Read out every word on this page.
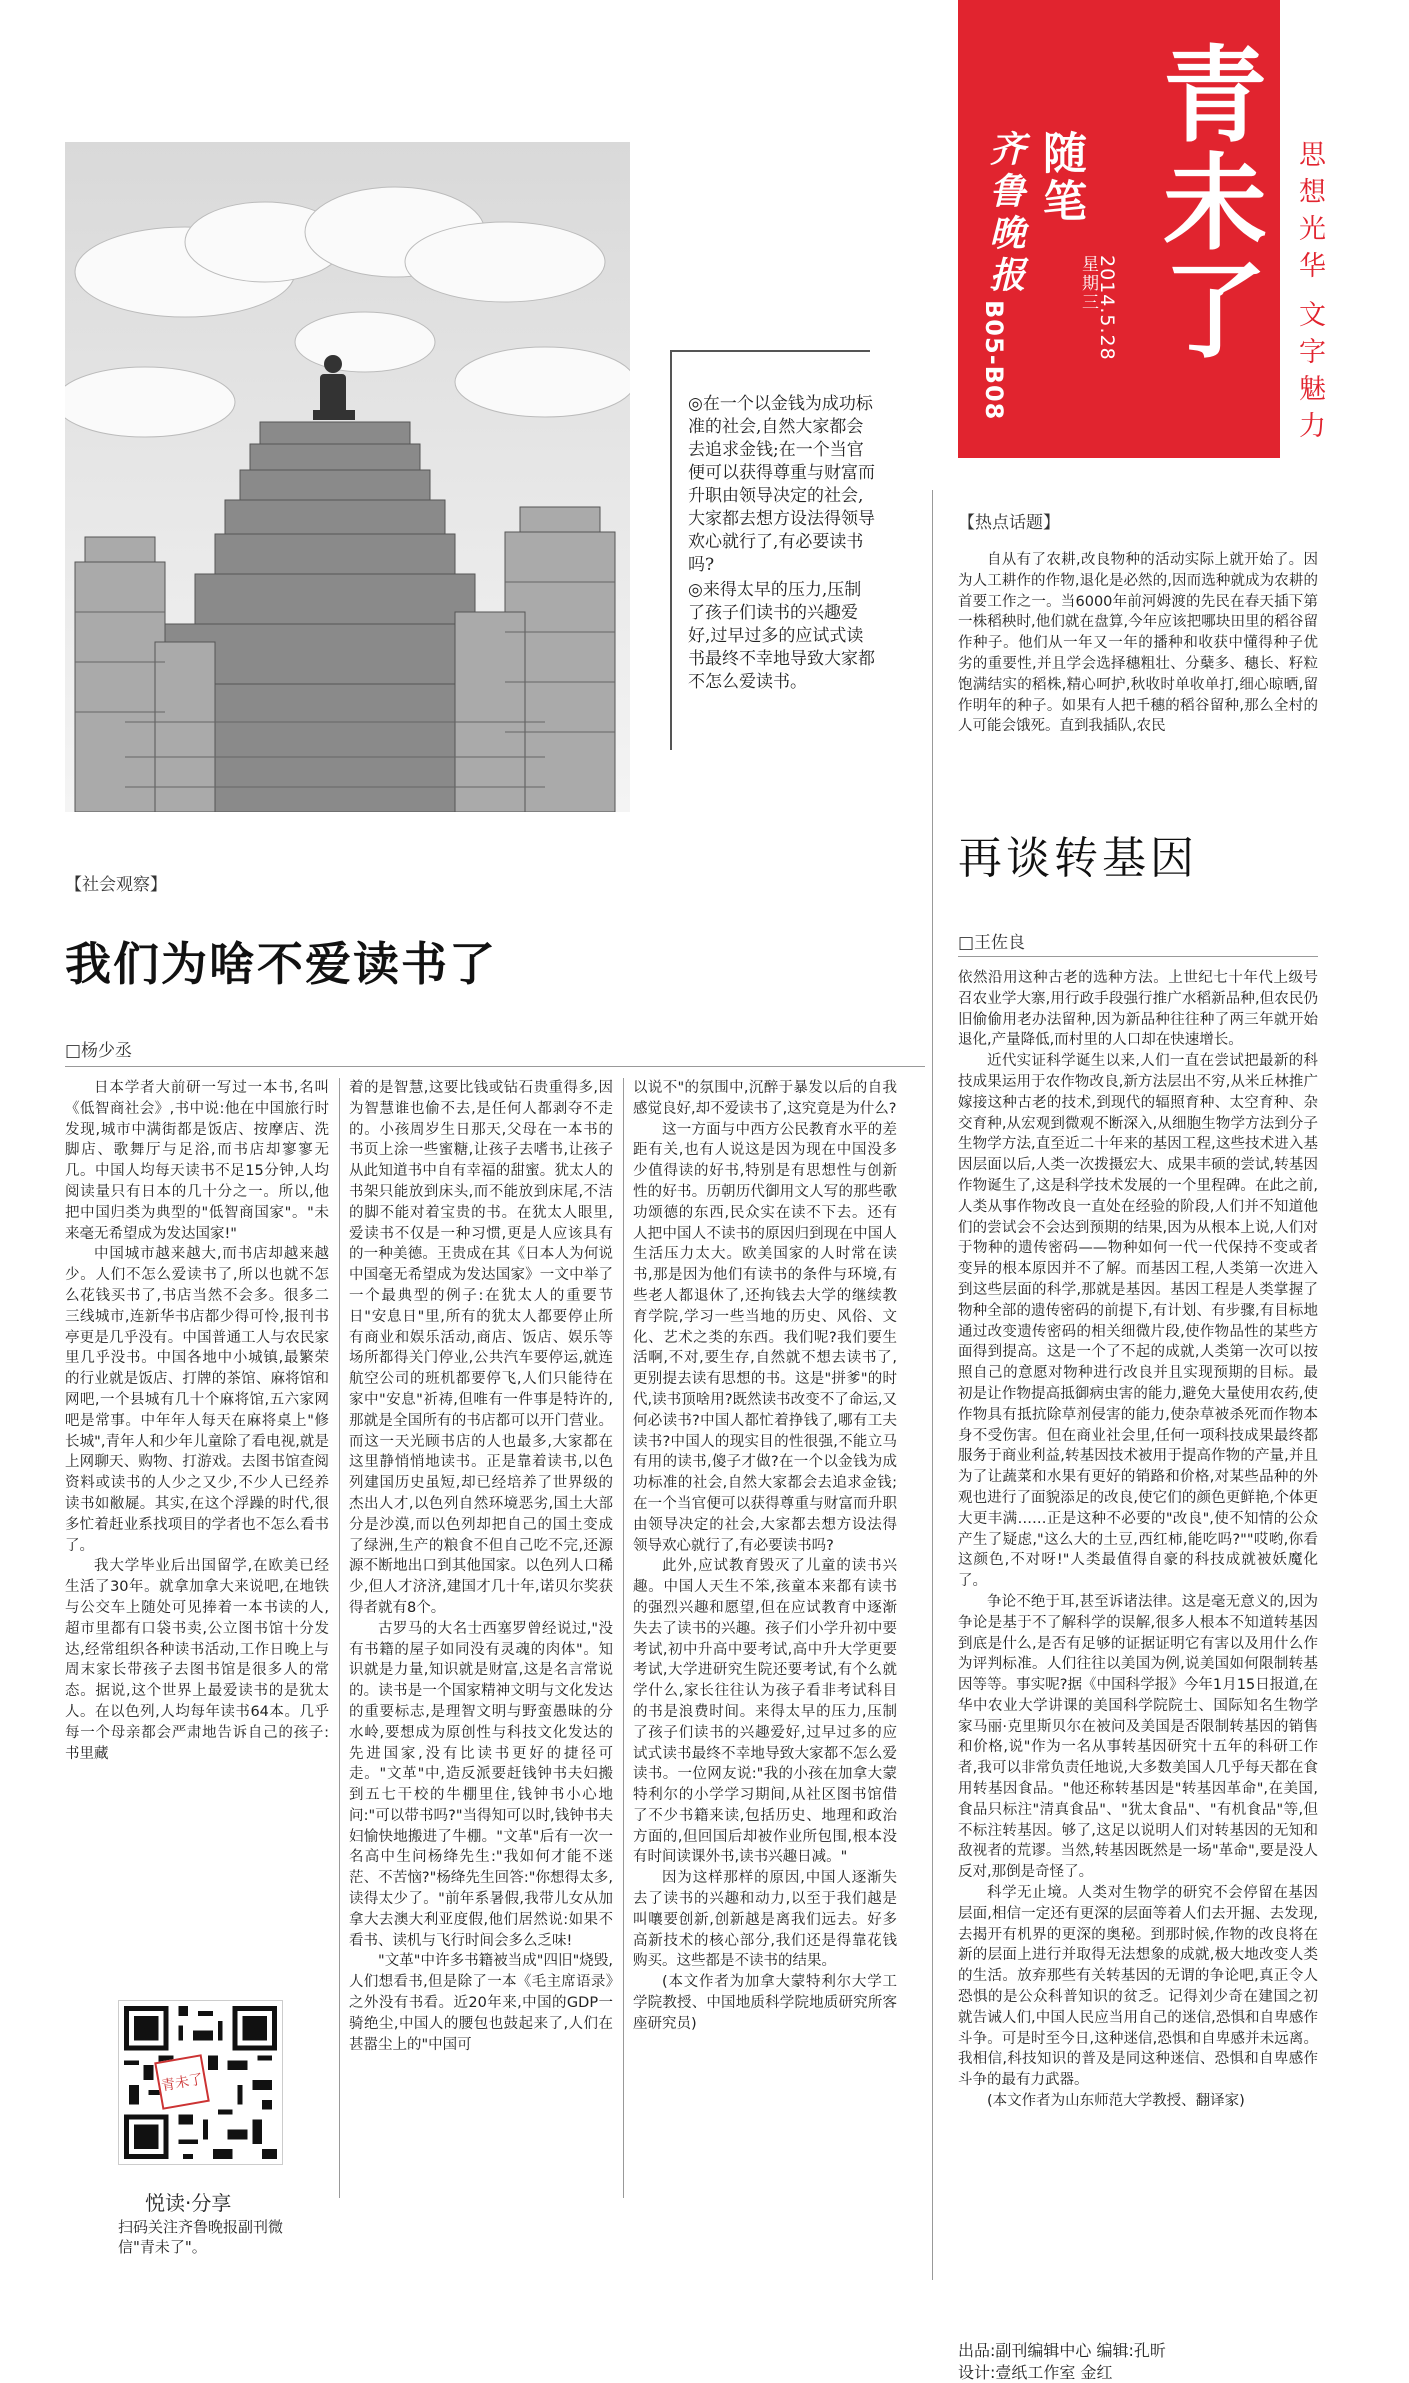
青未了
齐鲁晚报 随笔
B05-B08
星期三
2014.5.28
思想光华
文字魅力

◎在一个以金钱为成功标准的社会,自然大家都会去追求金钱;在一个当官便可以获得尊重与财富而升职由领导决定的社会,大家都去想方设法得领导欢心就行了,有必要读书吗?

◎来得太早的压力,压制了孩子们读书的兴趣爱好,过早过多的应试式读书最终不幸地导致大家都不怎么爱读书。

【社会观察】
我们为啥不爱读书了
□杨少丞

日本学者大前研一写过一本书,名叫《低智商社会》,书中说:他在中国旅行时发现,城市中满街都是饭店、按摩店、洗脚店、歌舞厅与足浴,而书店却寥寥无几。中国人均每天读书不足15分钟,人均阅读量只有日本的几十分之一。所以,他把中国归类为典型的"低智商国家"。"未来毫无希望成为发达国家!"

中国城市越来越大,而书店却越来越少。人们不怎么爱读书了,所以也就不怎么花钱买书了,书店当然不会多。很多二三线城市,连新华书店都少得可怜,报刊书亭更是几乎没有。中国普通工人与农民家里几乎没书。中国各地中小城镇,最繁荣的行业就是饭店、打牌的茶馆、麻将馆和网吧,一个县城有几十个麻将馆,五六家网吧是常事。中年年人每天在麻将桌上"修长城",青年人和少年儿童除了看电视,就是上网聊天、购物、打游戏。去图书馆查阅资料或读书的人少之又少,不少人已经养读书如敝屣。其实,在这个浮躁的时代,很多忙着赶业系找项目的学者也不怎么看书了。

我大学毕业后出国留学,在欧美已经生活了30年。就拿加拿大来说吧,在地铁与公交车上随处可见捧着一本书读的人,超市里都有口袋书卖,公立图书馆十分发达,经常组织各种读书活动,工作日晚上与周末家长带孩子去图书馆是很多人的常态。据说,这个世界上最爱读书的是犹太人。在以色列,人均每年读书64本。几乎每一个母亲都会严肃地告诉自己的孩子:书里藏

着的是智慧,这要比钱或钻石贵重得多,因为智慧谁也偷不去,是任何人都剥夺不走的。小孩周岁生日那天,父母在一本书的书页上涂一些蜜糖,让孩子去嗜书,让孩子从此知道书中自有幸福的甜蜜。犹太人的书架只能放到床头,而不能放到床尾,不洁的脚不能对着宝贵的书。在犹太人眼里,爱读书不仅是一种习惯,更是人应该具有的一种美德。王贵成在其《日本人为何说中国毫无希望成为发达国家》一文中举了一个最典型的例子:在犹太人的重要节日"安息日"里,所有的犹太人都要停止所有商业和娱乐活动,商店、饭店、娱乐等场所都得关门停业,公共汽车要停运,就连航空公司的班机都要停飞,人们只能待在家中"安息"祈祷,但唯有一件事是特许的,那就是全国所有的书店都可以开门营业。而这一天光顾书店的人也最多,大家都在这里静悄悄地读书。正是靠着读书,以色列建国历史虽短,却已经培养了世界级的杰出人才,以色列自然环境恶劣,国土大部分是沙漠,而以色列却把自己的国土变成了绿洲,生产的粮食不但自己吃不完,还源源不断地出口到其他国家。以色列人口稀少,但人才济济,建国才几十年,诺贝尔奖获得者就有8个。

古罗马的大名士西塞罗曾经说过,"没有书籍的屋子如同没有灵魂的肉体"。知识就是力量,知识就是财富,这是名言常说的。读书是一个国家精神文明与文化发达的重要标志,是理智文明与野蛮愚昧的分水岭,要想成为原创性与科技文化发达的先进国家,没有比读书更好的捷径可走。"文革"中,造反派要赶钱钟书夫妇搬到五七干校的牛棚里住,钱钟书小心地问:"可以带书吗?"当得知可以时,钱钟书夫妇愉快地搬进了牛棚。"文革"后有一次一名高中生问杨绛先生:"我如何才能不迷茫、不苦恼?"杨绛先生回答:"你想得太多,读得太少了。"前年系暑假,我带儿女从加拿大去澳大利亚度假,他们居然说:如果不看书、读机与飞行时间会多么乏味!

"文革"中许多书籍被当成"四旧"烧毁,人们想看书,但是除了一本《毛主席语录》之外没有书看。近20年来,中国的GDP一骑绝尘,中国人的腰包也鼓起来了,人们在甚嚣尘上的"中国可

以说不"的氛围中,沉醉于暴发以后的自我感觉良好,却不爱读书了,这究竟是为什么?

这一方面与中西方公民教育水平的差距有关,也有人说这是因为现在中国没多少值得读的好书,特别是有思想性与创新性的好书。历朝历代御用文人写的那些歌功颂德的东西,民众实在读不下去。还有人把中国人不读书的原因归到现在中国人生活压力太大。欧美国家的人时常在读书,那是因为他们有读书的条件与环境,有些老人都退休了,还拘钱去大学的继续教育学院,学习一些当地的历史、风俗、文化、艺术之类的东西。我们呢?我们要生活啊,不对,要生存,自然就不想去读书了,更别提去读有思想的书。这是"拼爹"的时代,读书顶啥用?既然读书改变不了命运,又何必读书?中国人都忙着挣钱了,哪有工夫读书?中国人的现实目的性很强,不能立马有用的读书,傻子才做?在一个以金钱为成功标准的社会,自然大家都会去追求金钱;在一个当官便可以获得尊重与财富而升职由领导决定的社会,大家都去想方设法得领导欢心就行了,有必要读书吗?

此外,应试教育毁灭了儿童的读书兴趣。中国人天生不笨,孩童本来都有读书的强烈兴趣和愿望,但在应试教育中逐渐失去了读书的兴趣。孩子们小学升初中要考试,初中升高中要考试,高中升大学更要考试,大学进研究生院还要考试,有个么就学什么,家长往往认为孩子看非考试科目的书是浪费时间。来得太早的压力,压制了孩子们读书的兴趣爱好,过早过多的应试式读书最终不幸地导致大家都不怎么爱读书。一位网友说:"我的小孩在加拿大蒙特利尔的小学学习期间,从社区图书馆借了不少书籍来读,包括历史、地理和政治方面的,但回国后却被作业所包围,根本没有时间读课外书,读书兴趣日减。"

因为这样那样的原因,中国人逐渐失去了读书的兴趣和动力,以至于我们越是叫嚷要创新,创新越是离我们远去。好多高新技术的核心部分,我们还是得靠花钱购买。这些都是不读书的结果。

(本文作者为加拿大蒙特利尔大学工学院教授、中国地质科学院地质研究所客座研究员)

青未了
悦读·分享
扫码关注齐鲁晚报副刊微信"青未了"。
【热点话题】

自从有了农耕,改良物种的活动实际上就开始了。因为人工耕作的作物,退化是必然的,因而选种就成为农耕的首要工作之一。当6000年前河姆渡的先民在春天插下第一株稻秧时,他们就在盘算,今年应该把哪块田里的稻谷留作种子。他们从一年又一年的播种和收获中懂得种子优劣的重要性,并且学会选择穗粗壮、分蘖多、穗长、籽粒饱满结实的稻株,精心呵护,秋收时单收单打,细心晾晒,留作明年的种子。如果有人把千穗的稻谷留种,那么全村的人可能会饿死。直到我插队,农民

再谈转基因
□王佐良

依然沿用这种古老的选种方法。上世纪七十年代上级号召农业学大寨,用行政手段强行推广水稻新品种,但农民仍旧偷偷用老办法留种,因为新品种往往种了两三年就开始退化,产量降低,而村里的人口却在快速增长。

近代实证科学诞生以来,人们一直在尝试把最新的科技成果运用于农作物改良,新方法层出不穷,从米丘林推广嫁接这种古老的技术,到现代的辐照育种、太空育种、杂交育种,从宏观到微观不断深入,从细胞生物学方法到分子生物学方法,直至近二十年来的基因工程,这些技术进入基因层面以后,人类一次拨摄宏大、成果丰硕的尝试,转基因作物诞生了,这是科学技术发展的一个里程碑。在此之前,人类从事作物改良一直处在经验的阶段,人们并不知道他们的尝试会不会达到预期的结果,因为从根本上说,人们对于物种的遗传密码——物种如何一代一代保持不变或者变异的根本原因并不了解。而基因工程,人类第一次进入到这些层面的科学,那就是基因。基因工程是人类掌握了物种全部的遗传密码的前提下,有计划、有步骤,有目标地通过改变遗传密码的相关细微片段,使作物品性的某些方面得到提高。这是一个了不起的成就,人类第一次可以按照自己的意愿对物种进行改良并且实现预期的目标。最初是让作物提高抵御病虫害的能力,避免大量使用农药,使作物具有抵抗除草剂侵害的能力,使杂草被杀死而作物本身不受伤害。但在商业社会里,任何一项科技成果最终都服务于商业利益,转基因技术被用于提高作物的产量,并且为了让蔬菜和水果有更好的销路和价格,对某些品种的外观也进行了面貌添足的改良,使它们的颜色更鲜艳,个体更大更丰满……正是这种不必要的"改良",使不知情的公众产生了疑虑,"这么大的土豆,西红柿,能吃吗?""哎哟,你看这颜色,不对呀!"人类最值得自豪的科技成就被妖魔化了。

争论不绝于耳,甚至诉诸法律。这是毫无意义的,因为争论是基于不了解科学的误解,很多人根本不知道转基因到底是什么,是否有足够的证据证明它有害以及用什么作为评判标准。人们往往以美国为例,说美国如何限制转基因等等。事实呢?据《中国科学报》今年1月15日报道,在华中农业大学讲课的美国科学院院士、国际知名生物学家马丽·克里斯贝尔在被问及美国是否限制转基因的销售和价格,说"作为一名从事转基因研究十五年的科研工作者,我可以非常负责任地说,大多数美国人几乎每天都在食用转基因食品。"他还称转基因是"转基因革命",在美国,食品只标注"清真食品"、"犹太食品"、"有机食品"等,但不标注转基因。够了,这足以说明人们对转基因的无知和敌视者的荒谬。当然,转基因既然是一场"革命",要是没人反对,那倒是奇怪了。

科学无止境。人类对生物学的研究不会停留在基因层面,相信一定还有更深的层面等着人们去开掘、去发现,去揭开有机界的更深的奥秘。到那时候,作物的改良将在新的层面上进行并取得无法想象的成就,极大地改变人类的生活。放弃那些有关转基因的无谓的争论吧,真正令人恐惧的是公众科普知识的贫乏。记得刘少奇在建国之初就告诫人们,中国人民应当用自己的迷信,恐惧和自卑感作斗争。可是时至今日,这种迷信,恐惧和自卑感并未远离。我相信,科技知识的普及是同这种迷信、恐惧和自卑感作斗争的最有力武器。

(本文作者为山东师范大学教授、翻译家)

出品:副刊编辑中心 编辑:孔昕
设计:壹纸工作室 金红
